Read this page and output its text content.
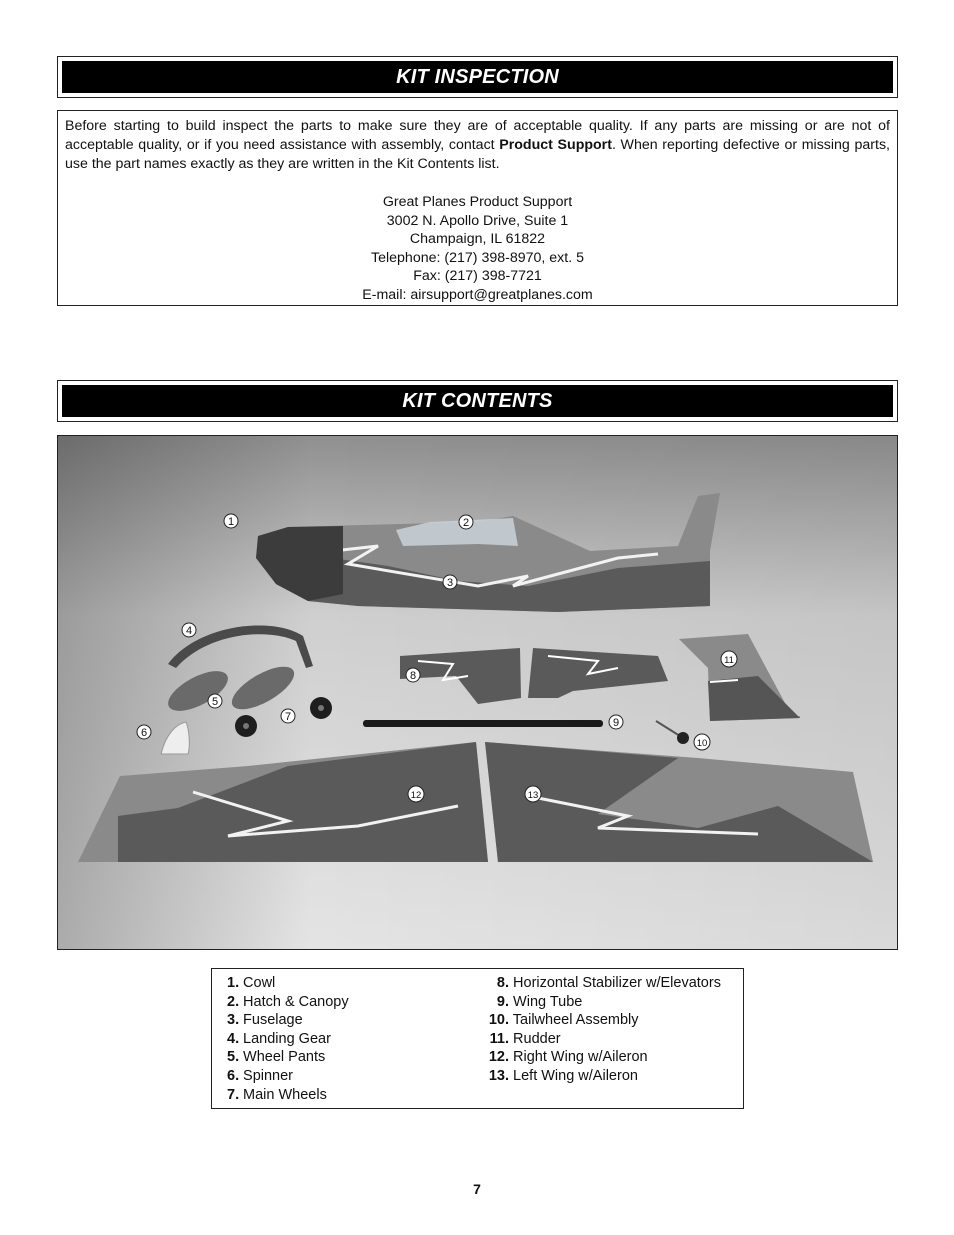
KIT INSPECTION

Before starting to build inspect the parts to make sure they are of acceptable quality. If any parts are missing or are not of acceptable quality, or if you need assistance with assembly, contact Product Support. When reporting defective or missing parts, use the part names exactly as they are written in the Kit Contents list.

Great Planes Product Support
3002 N. Apollo Drive, Suite 1
Champaign, IL 61822
Telephone: (217) 398-8970, ext. 5
Fax: (217) 398-7721
E-mail: airsupport@greatplanes.com
KIT CONTENTS
1	2
3
4
5
6
7
8
9
10
11
12	13
1. Cowl
2. Hatch & Canopy
3. Fuselage
4. Landing Gear
5. Wheel Pants
6. Spinner
7. Main Wheels
8. Horizontal Stabilizer w/Elevators
9. Wing Tube
10. Tailwheel Assembly
11. Rudder
12. Right Wing w/Aileron
13. Left Wing w/Aileron
7
